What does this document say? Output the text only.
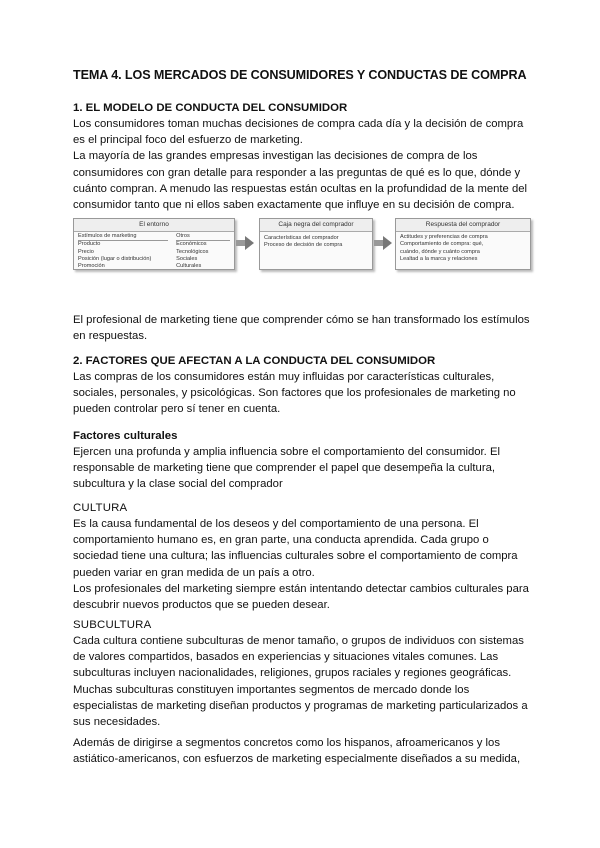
TEMA 4. LOS MERCADOS DE CONSUMIDORES Y CONDUCTAS DE COMPRA
1. EL MODELO DE CONDUCTA DEL CONSUMIDOR

Los consumidores toman muchas decisiones de compra cada día y la decisión de compra

es el principal foco del esfuerzo de marketing.

La mayoría de las grandes empresas investigan las decisiones de compra de los

consumidores con gran detalle para responder a las preguntas de qué es lo que, dónde y

cuánto compran. A menudo las respuestas están ocultas en la profundidad de la mente del

consumidor tanto que ni ellos saben exactamente que influye en su decisión de compra.

El entorno
Estímulos de marketing
Producto
Precio
Posición (lugar o distribución)
Promoción
Otros
Económicos
Tecnológicos
Sociales
Culturales
Caja negra del comprador
Características del comprador
Proceso de decisión de compra
Respuesta del comprador
Actitudes y preferencias de compra
Comportamiento de compra: qué,
cuándo, dónde y cuánto compra
Lealtad a la marca y relaciones

El profesional de marketing tiene que comprender cómo se han transformado los estímulos

en respuestas.

2. FACTORES QUE AFECTAN A LA CONDUCTA DEL CONSUMIDOR

Las compras de los consumidores están muy influidas por características culturales,

sociales, personales, y psicológicas. Son factores que los profesionales de marketing no

pueden controlar pero sí tener en cuenta.

Factores culturales

Ejercen una profunda y amplia influencia sobre el comportamiento del consumidor. El

responsable de marketing tiene que comprender el papel que desempeña la cultura,

subcultura y la clase social del comprador

CULTURA

Es la causa fundamental de los deseos y del comportamiento de una persona. El

comportamiento humano es, en gran parte, una conducta aprendida. Cada grupo o

sociedad tiene una cultura; las influencias culturales sobre el comportamiento de compra

pueden variar en gran medida de un país a otro.

Los profesionales del marketing siempre están intentando detectar cambios culturales para

descubrir nuevos productos que se pueden desear.

SUBCULTURA

Cada cultura contiene subculturas de menor tamaño, o grupos de individuos con sistemas

de valores compartidos, basados en experiencias y situaciones vitales comunes. Las

subculturas incluyen nacionalidades, religiones, grupos raciales y regiones geográficas.

Muchas subculturas constituyen importantes segmentos de mercado donde los

especialistas de marketing diseñan productos y programas de marketing particularizados a

sus necesidades.

Además de dirigirse a segmentos concretos como los hispanos, afroamericanos y los

astiático-americanos, con esfuerzos de marketing especialmente diseñados a su medida,
